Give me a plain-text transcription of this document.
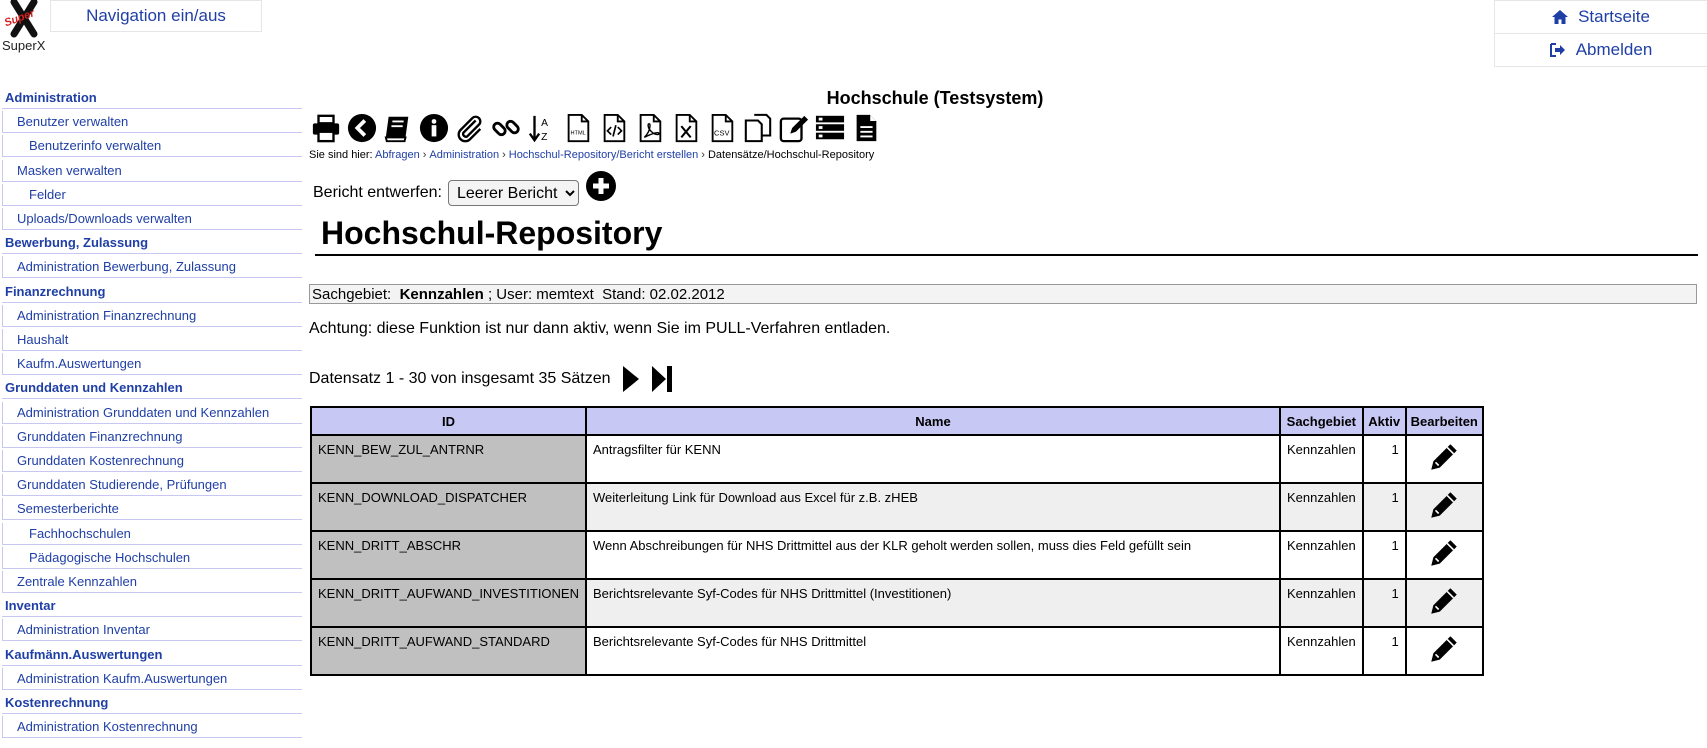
Super
SuperX
Navigation ein/aus	Startseite
Abmelden
Administration
Benutzer verwalten
Benutzerinfo verwalten
Masken verwalten
Felder
Uploads/Downloads verwalten
Bewerbung, Zulassung
Administration Bewerbung, Zulassung
Finanzrechnung
Administration Finanzrechnung
Haushalt
Kaufm.Auswertungen
Grunddaten und Kennzahlen
Administration Grunddaten und Kennzahlen
Grunddaten Finanzrechnung
Grunddaten Kostenrechnung
Grunddaten Studierende, Prüfungen
Semesterberichte
Fachhochschulen
Pädagogische Hochschulen
Zentrale Kennzahlen
Inventar
Administration Inventar
Kaufmänn.Auswertungen
Administration Kaufm.Auswertungen
Kostenrechnung
Administration Kostenrechnung
Hochschule (Testsystem)
A
Z	HTML	CSV
Sie sind hier: Abfragen › Administration › Hochschul-Repository/Bericht erstellen › Datensätze/Hochschul-Repository
Bericht entwerfen:
Leerer Bericht
Hochschul-Repository
Sachgebiet:
Kennzahlen
; User: memtext  Stand: 02.02.2012
Achtung: diese Funktion ist nur dann aktiv, wenn Sie im PULL-Verfahren entladen.
Datensatz 1 - 30 von insgesamt 35 Sätzen
ID	Name	Sachgebiet	Aktiv	Bearbeiten
KENN_BEW_ZUL_ANTRNR	Antragsfilter für KENN	Kennzahlen	1	
KENN_DOWNLOAD_DISPATCHER	Weiterleitung Link für Download aus Excel für z.B. zHEB	Kennzahlen	1	
KENN_DRITT_ABSCHR	Wenn Abschreibungen für NHS Drittmittel aus der KLR geholt werden sollen, muss dies Feld gefüllt sein	Kennzahlen	1	
KENN_DRITT_AUFWAND_INVESTITIONEN	Berichtsrelevante Syf-Codes für NHS Drittmittel (Investitionen)	Kennzahlen	1	
KENN_DRITT_AUFWAND_STANDARD	Berichtsrelevante Syf-Codes für NHS Drittmittel	Kennzahlen	1	
